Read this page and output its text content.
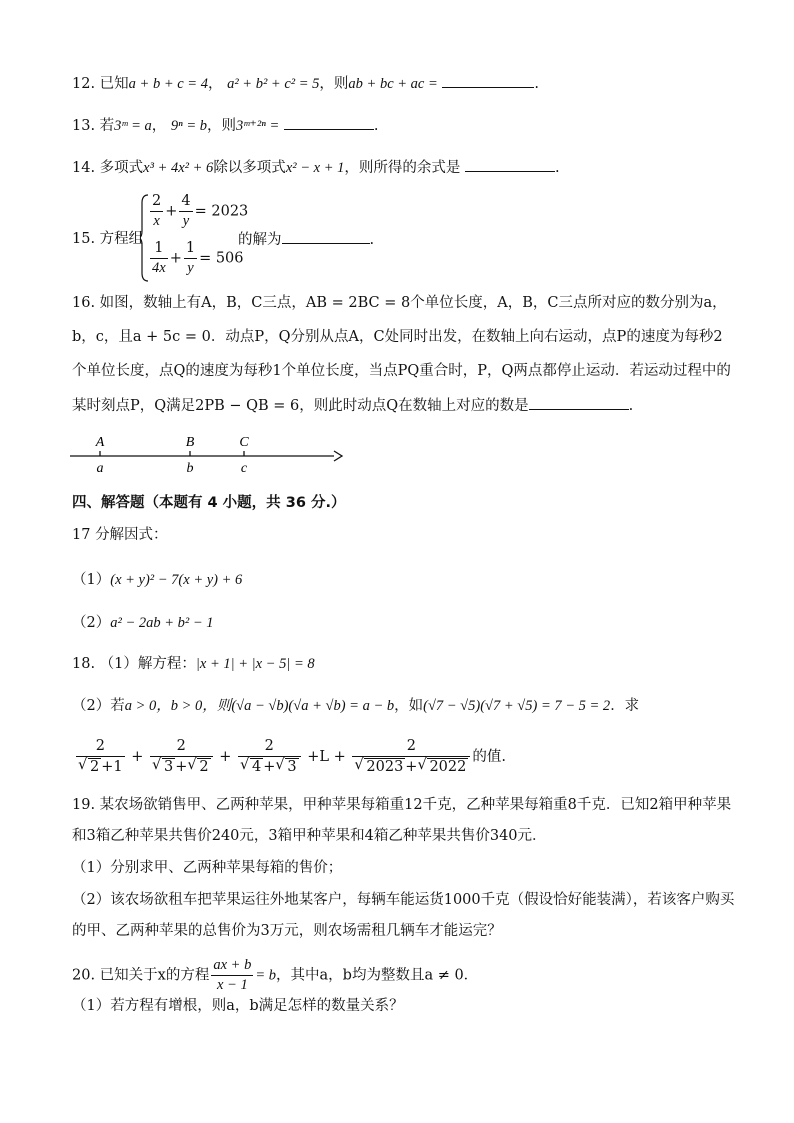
12. 已知a + b + c = 4， a² + b² + c² = 5，则ab + bc + ac =	.
13. 若3ᵐ = a， 9ⁿ = b，则3ᵐ⁺²ⁿ =	.
14. 多项式x³ + 4x² + 6除以多项式x² − x + 1，则所得的余式是	.
15. 方程组
$\frac{2}{x} + \frac{4}{y} = 2023$
$\frac{1}{4x} + \frac{1}{y} = 506$
的解为	.
16. 如图，数轴上有A，B，C三点，AB = 2BC = 8个单位长度，A，B，C三点所对应的数分别为a，
b，c，且a + 5c = 0．动点P，Q分别从点A，C处同时出发，在数轴上向右运动，点P的速度为每秒2
个单位长度，点Q的速度为每秒1个单位长度，当点PQ重合时，P，Q两点都停止运动．若运动过程中的
某时刻点P，Q满足2PB − QB = 6，则此时动点Q在数轴上对应的数是	.
A	B	C
a	b	c
四、解答题（本题有 4 小题，共 36 分.）
17 分解因式：
（1）(x + y)² − 7(x + y) + 6
（2）a² − 2ab + b² − 1
18. （1）解方程：|x + 1| + |x − 5| = 8
（2）若a > 0，b > 0，则(√a − √b)(√a + √b) = a − b，如(√7 − √5)(√7 + √5) = 7 − 5 = 2．求
2
√ 2 +1 + 2
√ 3 + √ 2 + 2
√ 4 + √ 3 +L + 2
√ 2023 + √ 2022 的值.
19. 某农场欲销售甲、乙两种苹果，甲种苹果每箱重12千克，乙种苹果每箱重8千克．已知2箱甲种苹果
和3箱乙种苹果共售价240元，3箱甲种苹果和4箱乙种苹果共售价340元．
（1）分别求甲、乙两种苹果每箱的售价；
（2）该农场欲租车把苹果运往外地某客户，每辆车能运货1000千克（假设恰好能装满），若该客户购买
的甲、乙两种苹果的总售价为3万元，则农场需租几辆车才能运完？
20. 已知关于x的方程 $\frac{ax + b}{x - 1} = b$，其中a，b均为整数且a ≠ 0．
（1）若方程有增根，则a，b满足怎样的数量关系？
